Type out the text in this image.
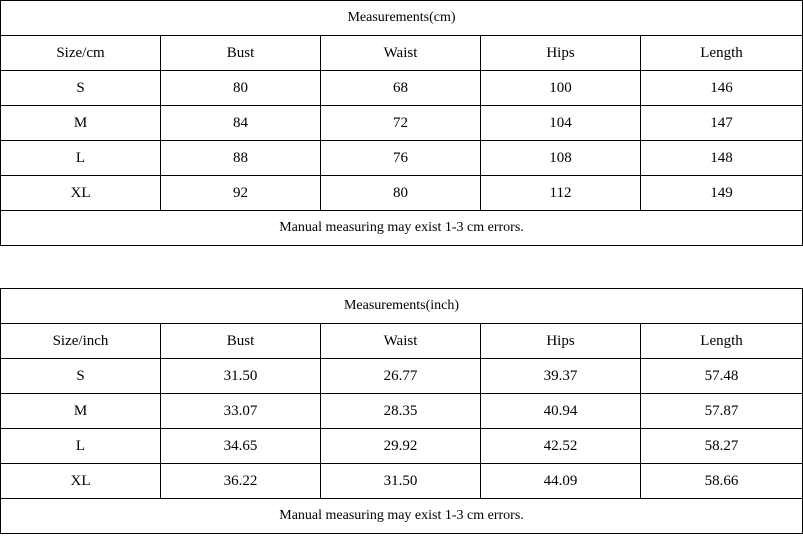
Measurements(cm)				
Size/cm	Bust	Waist	Hips	Length
S	80	68	100	146
M	84	72	104	147
L	88	76	108	148
XL	92	80	112	149
Manual measuring may exist 1-3 cm errors.				
Measurements(inch)				
Size/inch	Bust	Waist	Hips	Length
S	31.50	26.77	39.37	57.48
M	33.07	28.35	40.94	57.87
L	34.65	29.92	42.52	58.27
XL	36.22	31.50	44.09	58.66
Manual measuring may exist 1-3 cm errors.				
